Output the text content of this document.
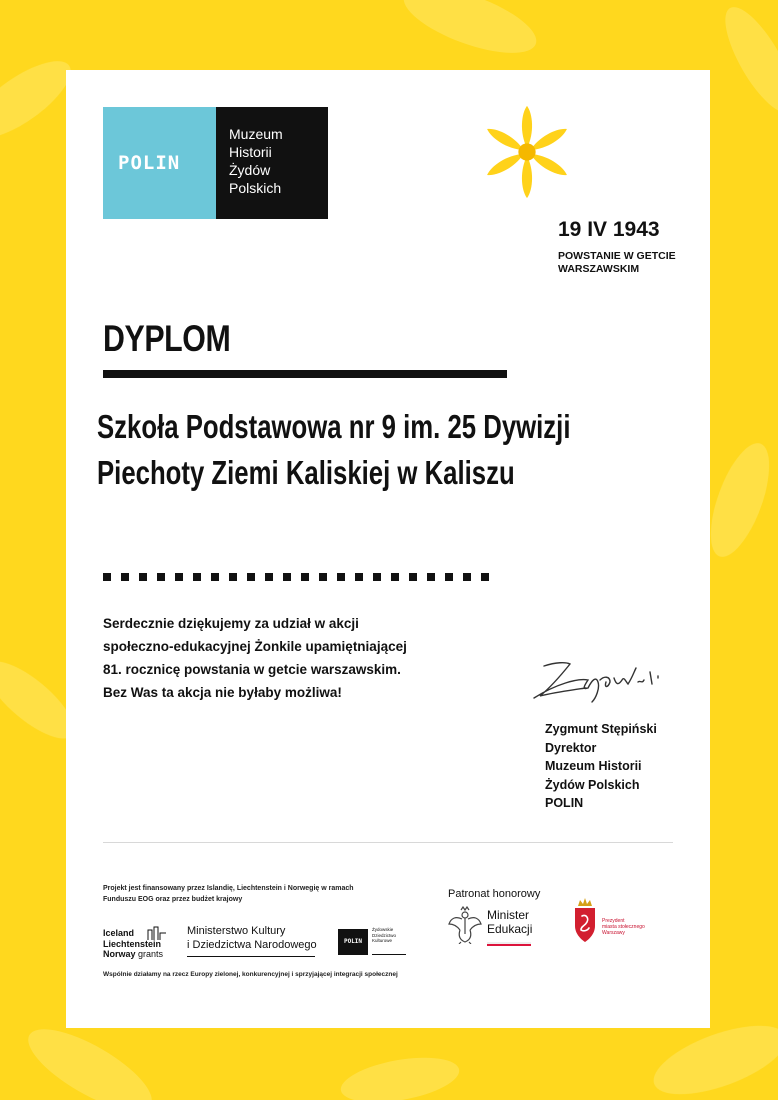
POLIN
Muzeum
Historii
Żydów
Polskich
19 IV 1943
POWSTANIE W GETCIE
WARSZAWSKIM
DYPLOM
Szkoła Podstawowa nr 9 im. 25 Dywizji
Piechoty Ziemi Kaliskiej w Kaliszu
Serdecznie dziękujemy za udział w akcji
społeczno-edukacyjnej Żonkile upamiętniającej
81. rocznicę powstania w getcie warszawskim.
Bez Was ta akcja nie byłaby możliwa!
Zygmunt Stępiński
Dyrektor
Muzeum Historii
Żydów Polskich
POLIN
Projekt jest finansowany przez Islandię, Liechtenstein i Norwegię w ramach
Funduszu EOG oraz przez budżet krajowy
Iceland
Liechtenstein
Norway grants
Ministerstwo Kultury
i Dziedzictwa Narodowego	POLIN
Żydowskie
Dziedzictwo
Kulturowe
Wspólnie działamy na rzecz Europy zielonej, konkurencyjnej i sprzyjającej integracji społecznej
Patronat honorowy
Minister
Edukacji
Prezydent
miasta stołecznego
Warszawy
